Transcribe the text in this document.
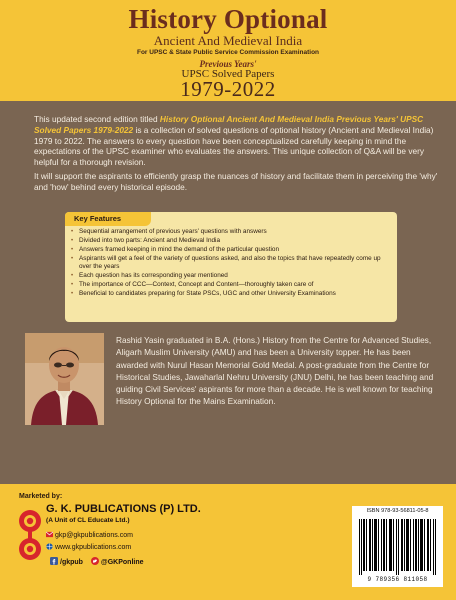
History Optional
Ancient And Medieval India
For UPSC & State Public Service Commission Examination
Previous Years'
UPSC Solved Papers
1979-2022
This updated second edition titled History Optional Ancient And Medieval India Previous Years' UPSC Solved Papers 1979-2022 is a collection of solved questions of optional history (Ancient and Medieval India) 1979 to 2022. The answers to every question have been conceptualized carefully keeping in mind the expectations of the UPSC examiner who evaluates the answers. This unique collection of Q&A will be very helpful for a thorough revision.
It will support the aspirants to efficiently grasp the nuances of history and facilitate them in perceiving the 'why' and 'how' behind every historical episode.
Key Features
• Sequential arrangement of previous years' questions with answers
• Divided into two parts: Ancient and Medieval India
• Answers framed keeping in mind the demand of the particular question
• Aspirants will get a feel of the variety of questions asked, and also the topics that have repeatedly come up over the years
• Each question has its corresponding year mentioned
• The importance of CCC—Context, Concept and Content—thoroughly taken care of
• Beneficial to candidates preparing for State PSCs, UGC and other University Examinations
Rashid Yasin graduated in B.A. (Hons.) History from the Centre for Advanced Studies, Aligarh Muslim University (AMU) and has been a University topper. He has been awarded with Nurul Hasan Memorial Gold Medal. A post-graduate from the Centre for Historical Studies, Jawaharlal Nehru University (JNU) Delhi, he has been teaching and guiding Civil Services' aspirants for more than a decade. He is well known for teaching History Optional for the Mains Examination.
Marketed by:
G. K. PUBLICATIONS (P) LTD.
(A Unit of CL Educate Ltd.)
gkp@gkpublications.com
www.gkpublications.com
/gkpub	@GKPonline
ISBN 978-93-56811-05-8
9 789356 811058
